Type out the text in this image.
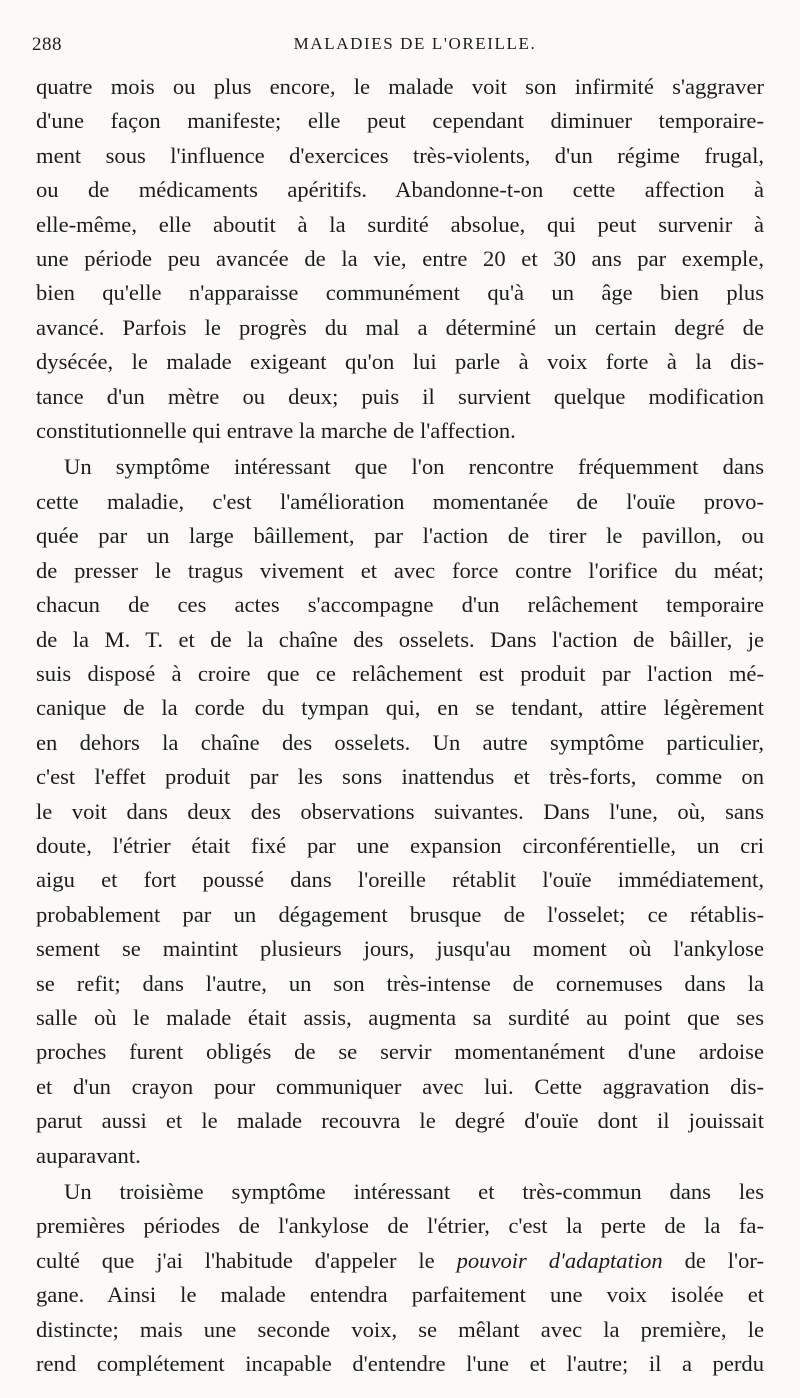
288	MALADIES DE L'OREILLE.

quatre mois ou plus encore, le malade voit son infirmité s'aggraver
d'une façon manifeste; elle peut cependant diminuer temporaire-
ment sous l'influence d'exercices très-violents, d'un régime frugal,
ou de médicaments apéritifs. Abandonne-t-on cette affection à
elle-même, elle aboutit à la surdité absolue, qui peut survenir à
une période peu avancée de la vie, entre 20 et 30 ans par exemple,
bien qu'elle n'apparaisse communément qu'à un âge bien plus
avancé. Parfois le progrès du mal a déterminé un certain degré de
dysécée, le malade exigeant qu'on lui parle à voix forte à la dis-
tance d'un mètre ou deux; puis il survient quelque modification
constitutionnelle qui entrave la marche de l'affection.

Un symptôme intéressant que l'on rencontre fréquemment dans

cette maladie, c'est l'amélioration momentanée de l'ouïe provo-
quée par un large bâillement, par l'action de tirer le pavillon, ou
de presser le tragus vivement et avec force contre l'orifice du méat;
chacun de ces actes s'accompagne d'un relâchement temporaire
de la M. T. et de la chaîne des osselets. Dans l'action de bâiller, je
suis disposé à croire que ce relâchement est produit par l'action mé-
canique de la corde du tympan qui, en se tendant, attire légèrement
en dehors la chaîne des osselets. Un autre symptôme particulier,
c'est l'effet produit par les sons inattendus et très-forts, comme on
le voit dans deux des observations suivantes. Dans l'une, où, sans
doute, l'étrier était fixé par une expansion circonférentielle, un cri
aigu et fort poussé dans l'oreille rétablit l'ouïe immédiatement,
probablement par un dégagement brusque de l'osselet; ce rétablis-
sement se maintint plusieurs jours, jusqu'au moment où l'ankylose
se refit; dans l'autre, un son très-intense de cornemuses dans la
salle où le malade était assis, augmenta sa surdité au point que ses
proches furent obligés de se servir momentanément d'une ardoise
et d'un crayon pour communiquer avec lui. Cette aggravation dis-
parut aussi et le malade recouvra le degré d'ouïe dont il jouissait
auparavant.

Un troisième symptôme intéressant et très-commun dans les

premières périodes de l'ankylose de l'étrier, c'est la perte de la fa-
culté que j'ai l'habitude d'appeler le pouvoir d'adaptation de l'or-
gane. Ainsi le malade entendra parfaitement une voix isolée et
distincte; mais une seconde voix, se mêlant avec la première, le
rend complétement incapable d'entendre l'une et l'autre; il a perdu
